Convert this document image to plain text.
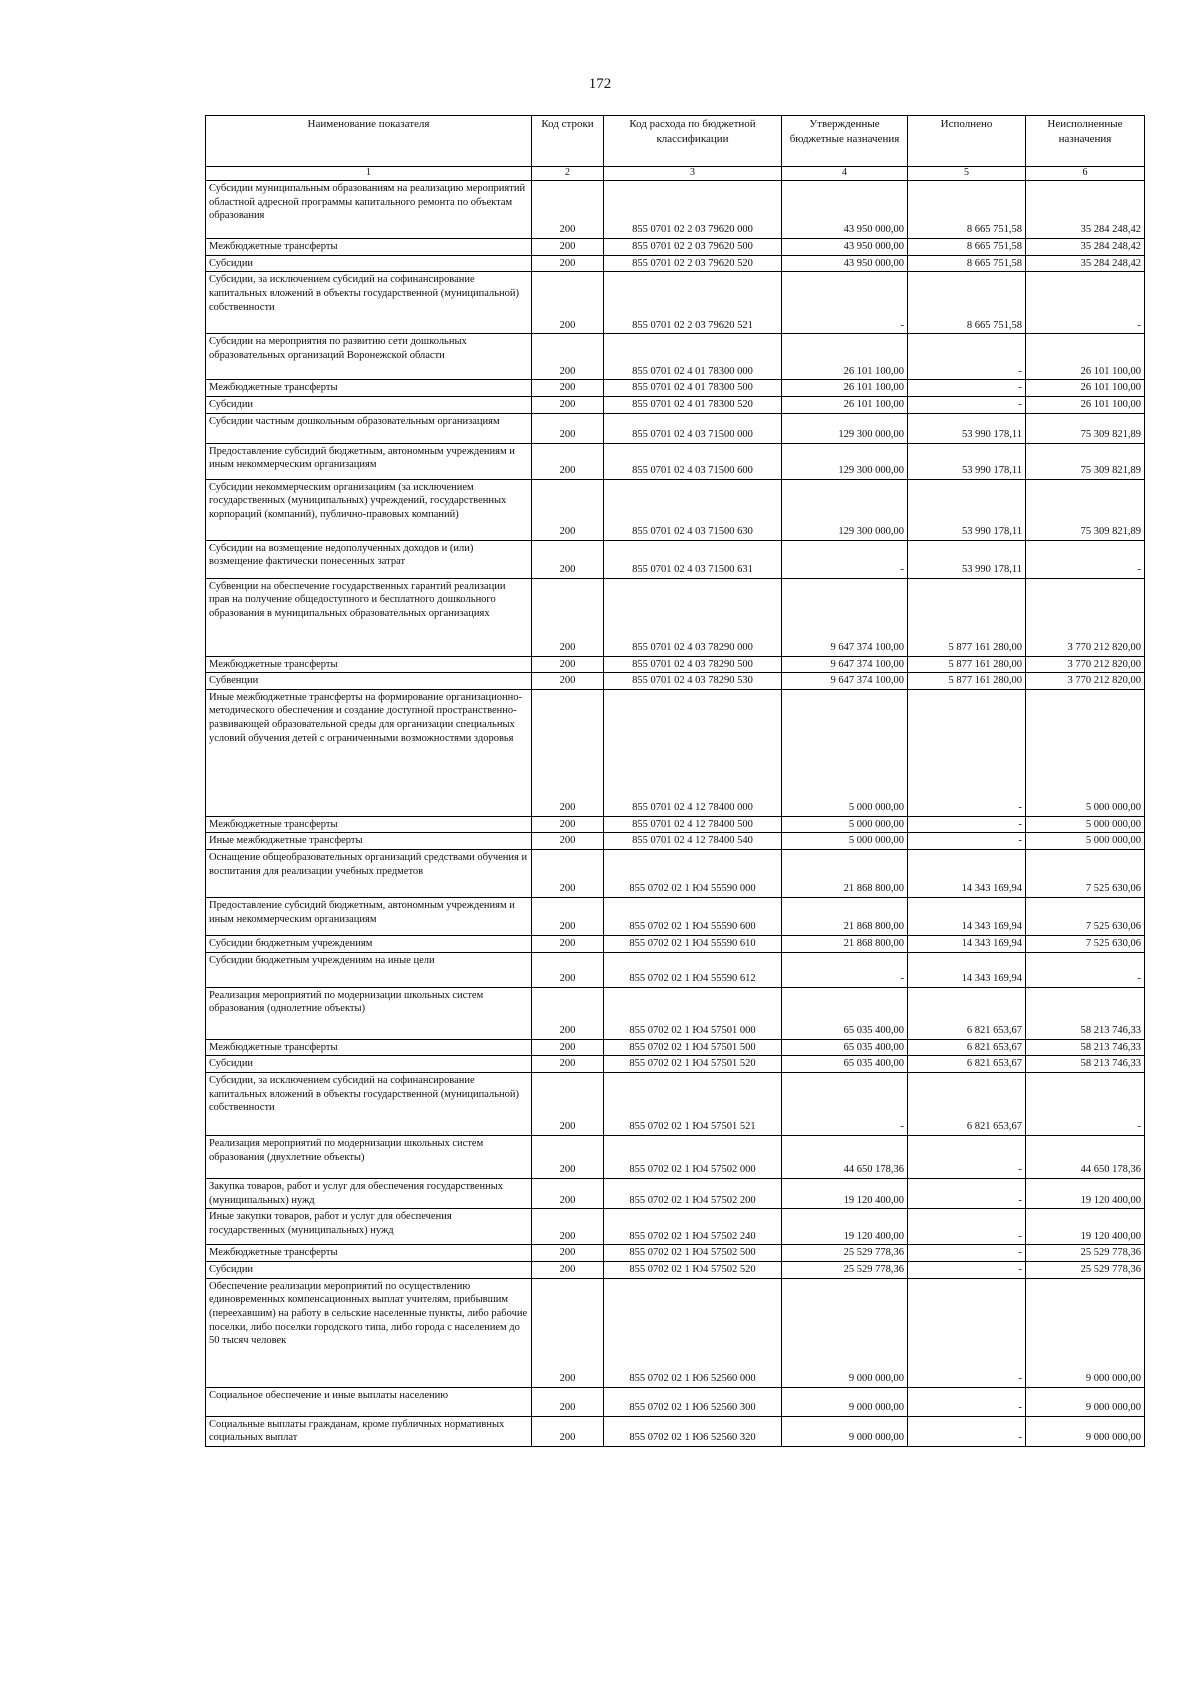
172
Наименование показателя	Код строки	Код расхода по бюджетной классификации	Утвержденные бюджетные назначения	Исполнено	Неисполненные назначения
1	2	3	4	5	6
Субсидии муниципальным образованиям на реализацию мероприятий областной адресной программы капитального ремонта по объектам образования	200	855 0701 02 2 03 79620 000	43 950 000,00	8 665 751,58	35 284 248,42
Межбюджетные трансферты	200	855 0701 02 2 03 79620 500	43 950 000,00	8 665 751,58	35 284 248,42
Субсидии	200	855 0701 02 2 03 79620 520	43 950 000,00	8 665 751,58	35 284 248,42
Субсидии, за исключением субсидий на софинансирование капитальных вложений в объекты государственной (муниципальной) собственности	200	855 0701 02 2 03 79620 521	-	8 665 751,58	-
Субсидии на мероприятия по развитию сети дошкольных образовательных организаций Воронежской области	200	855 0701 02 4 01 78300 000	26 101 100,00	-	26 101 100,00
Межбюджетные трансферты	200	855 0701 02 4 01 78300 500	26 101 100,00	-	26 101 100,00
Субсидии	200	855 0701 02 4 01 78300 520	26 101 100,00	-	26 101 100,00
Субсидии частным дошкольным образовательным организациям	200	855 0701 02 4 03 71500 000	129 300 000,00	53 990 178,11	75 309 821,89
Предоставление субсидий бюджетным, автономным учреждениям и иным некоммерческим организациям	200	855 0701 02 4 03 71500 600	129 300 000,00	53 990 178,11	75 309 821,89
Субсидии некоммерческим организациям (за исключением государственных (муниципальных) учреждений, государственных корпораций (компаний), публично-правовых компаний)	200	855 0701 02 4 03 71500 630	129 300 000,00	53 990 178,11	75 309 821,89
Субсидии на возмещение недополученных доходов и (или) возмещение фактически понесенных затрат	200	855 0701 02 4 03 71500 631	-	53 990 178,11	-
Субвенции на обеспечение государственных гарантий реализации прав на получение общедоступного и бесплатного дошкольного образования в муниципальных образовательных организациях	200	855 0701 02 4 03 78290 000	9 647 374 100,00	5 877 161 280,00	3 770 212 820,00
Межбюджетные трансферты	200	855 0701 02 4 03 78290 500	9 647 374 100,00	5 877 161 280,00	3 770 212 820,00
Субвенции	200	855 0701 02 4 03 78290 530	9 647 374 100,00	5 877 161 280,00	3 770 212 820,00
Иные межбюджетные трансферты на формирование организационно-методического обеспечения и создание доступной пространственно-развивающей образовательной среды для организации специальных условий обучения детей с ограниченными возможностями здоровья	200	855 0701 02 4 12 78400 000	5 000 000,00	-	5 000 000,00
Межбюджетные трансферты	200	855 0701 02 4 12 78400 500	5 000 000,00	-	5 000 000,00
Иные межбюджетные трансферты	200	855 0701 02 4 12 78400 540	5 000 000,00	-	5 000 000,00
Оснащение общеобразовательных организаций средствами обучения и воспитания для реализации учебных предметов	200	855 0702 02 1 Ю4 55590 000	21 868 800,00	14 343 169,94	7 525 630,06
Предоставление субсидий бюджетным, автономным учреждениям и иным некоммерческим организациям	200	855 0702 02 1 Ю4 55590 600	21 868 800,00	14 343 169,94	7 525 630,06
Субсидии бюджетным учреждениям	200	855 0702 02 1 Ю4 55590 610	21 868 800,00	14 343 169,94	7 525 630,06
Субсидии бюджетным учреждениям на иные цели	200	855 0702 02 1 Ю4 55590 612	-	14 343 169,94	-
Реализация мероприятий по модернизации школьных систем образования (однолетние объекты)	200	855 0702 02 1 Ю4 57501 000	65 035 400,00	6 821 653,67	58 213 746,33
Межбюджетные трансферты	200	855 0702 02 1 Ю4 57501 500	65 035 400,00	6 821 653,67	58 213 746,33
Субсидии	200	855 0702 02 1 Ю4 57501 520	65 035 400,00	6 821 653,67	58 213 746,33
Субсидии, за исключением субсидий на софинансирование капитальных вложений в объекты государственной (муниципальной) собственности	200	855 0702 02 1 Ю4 57501 521	-	6 821 653,67	-
Реализация мероприятий по модернизации школьных систем образования (двухлетние объекты)	200	855 0702 02 1 Ю4 57502 000	44 650 178,36	-	44 650 178,36
Закупка товаров, работ и услуг для обеспечения государственных (муниципальных) нужд	200	855 0702 02 1 Ю4 57502 200	19 120 400,00	-	19 120 400,00
Иные закупки товаров, работ и услуг для обеспечения государственных (муниципальных) нужд	200	855 0702 02 1 Ю4 57502 240	19 120 400,00	-	19 120 400,00
Межбюджетные трансферты	200	855 0702 02 1 Ю4 57502 500	25 529 778,36	-	25 529 778,36
Субсидии	200	855 0702 02 1 Ю4 57502 520	25 529 778,36	-	25 529 778,36
Обеспечение реализации мероприятий по осуществлению единовременных компенсационных выплат учителям, прибывшим (переехавшим) на работу в сельские населенные пункты, либо рабочие поселки, либо поселки городского типа, либо города с населением до 50 тысяч человек	200	855 0702 02 1 Ю6 52560 000	9 000 000,00	-	9 000 000,00
Социальное обеспечение и иные выплаты населению	200	855 0702 02 1 Ю6 52560 300	9 000 000,00	-	9 000 000,00
Социальные выплаты гражданам, кроме публичных нормативных социальных выплат	200	855 0702 02 1 Ю6 52560 320	9 000 000,00	-	9 000 000,00
